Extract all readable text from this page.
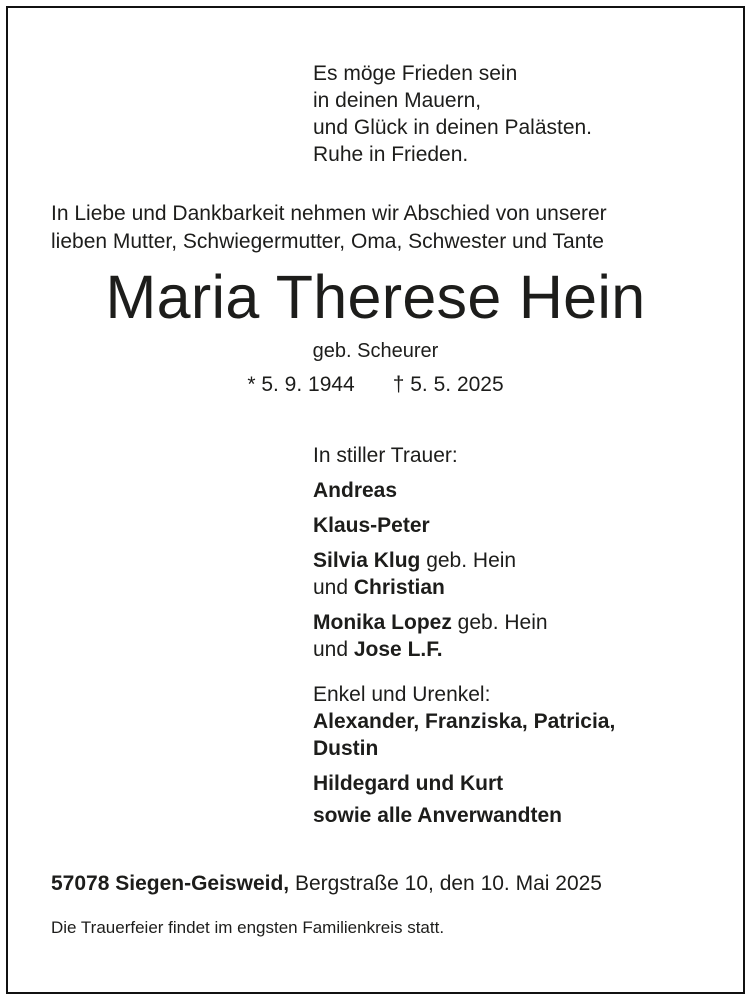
Es möge Frieden sein
in deinen Mauern,
und Glück in deinen Palästen.
Ruhe in Frieden.
In Liebe und Dankbarkeit nehmen wir Abschied von unserer
lieben Mutter, Schwiegermutter, Oma, Schwester und Tante
Maria Therese Hein
geb. Scheurer
* 5. 9. 1944 † 5. 5. 2025
In stiller Trauer:
Andreas
Klaus-Peter
Silvia Klug geb. Hein
und Christian
Monika Lopez geb. Hein
und Jose L.F.
Enkel und Urenkel:
Alexander, Franziska, Patricia,
Dustin
Hildegard und Kurt
sowie alle Anverwandten
57078 Siegen-Geisweid, Bergstraße 10, den 10. Mai 2025
Die Trauerfeier findet im engsten Familienkreis statt.
